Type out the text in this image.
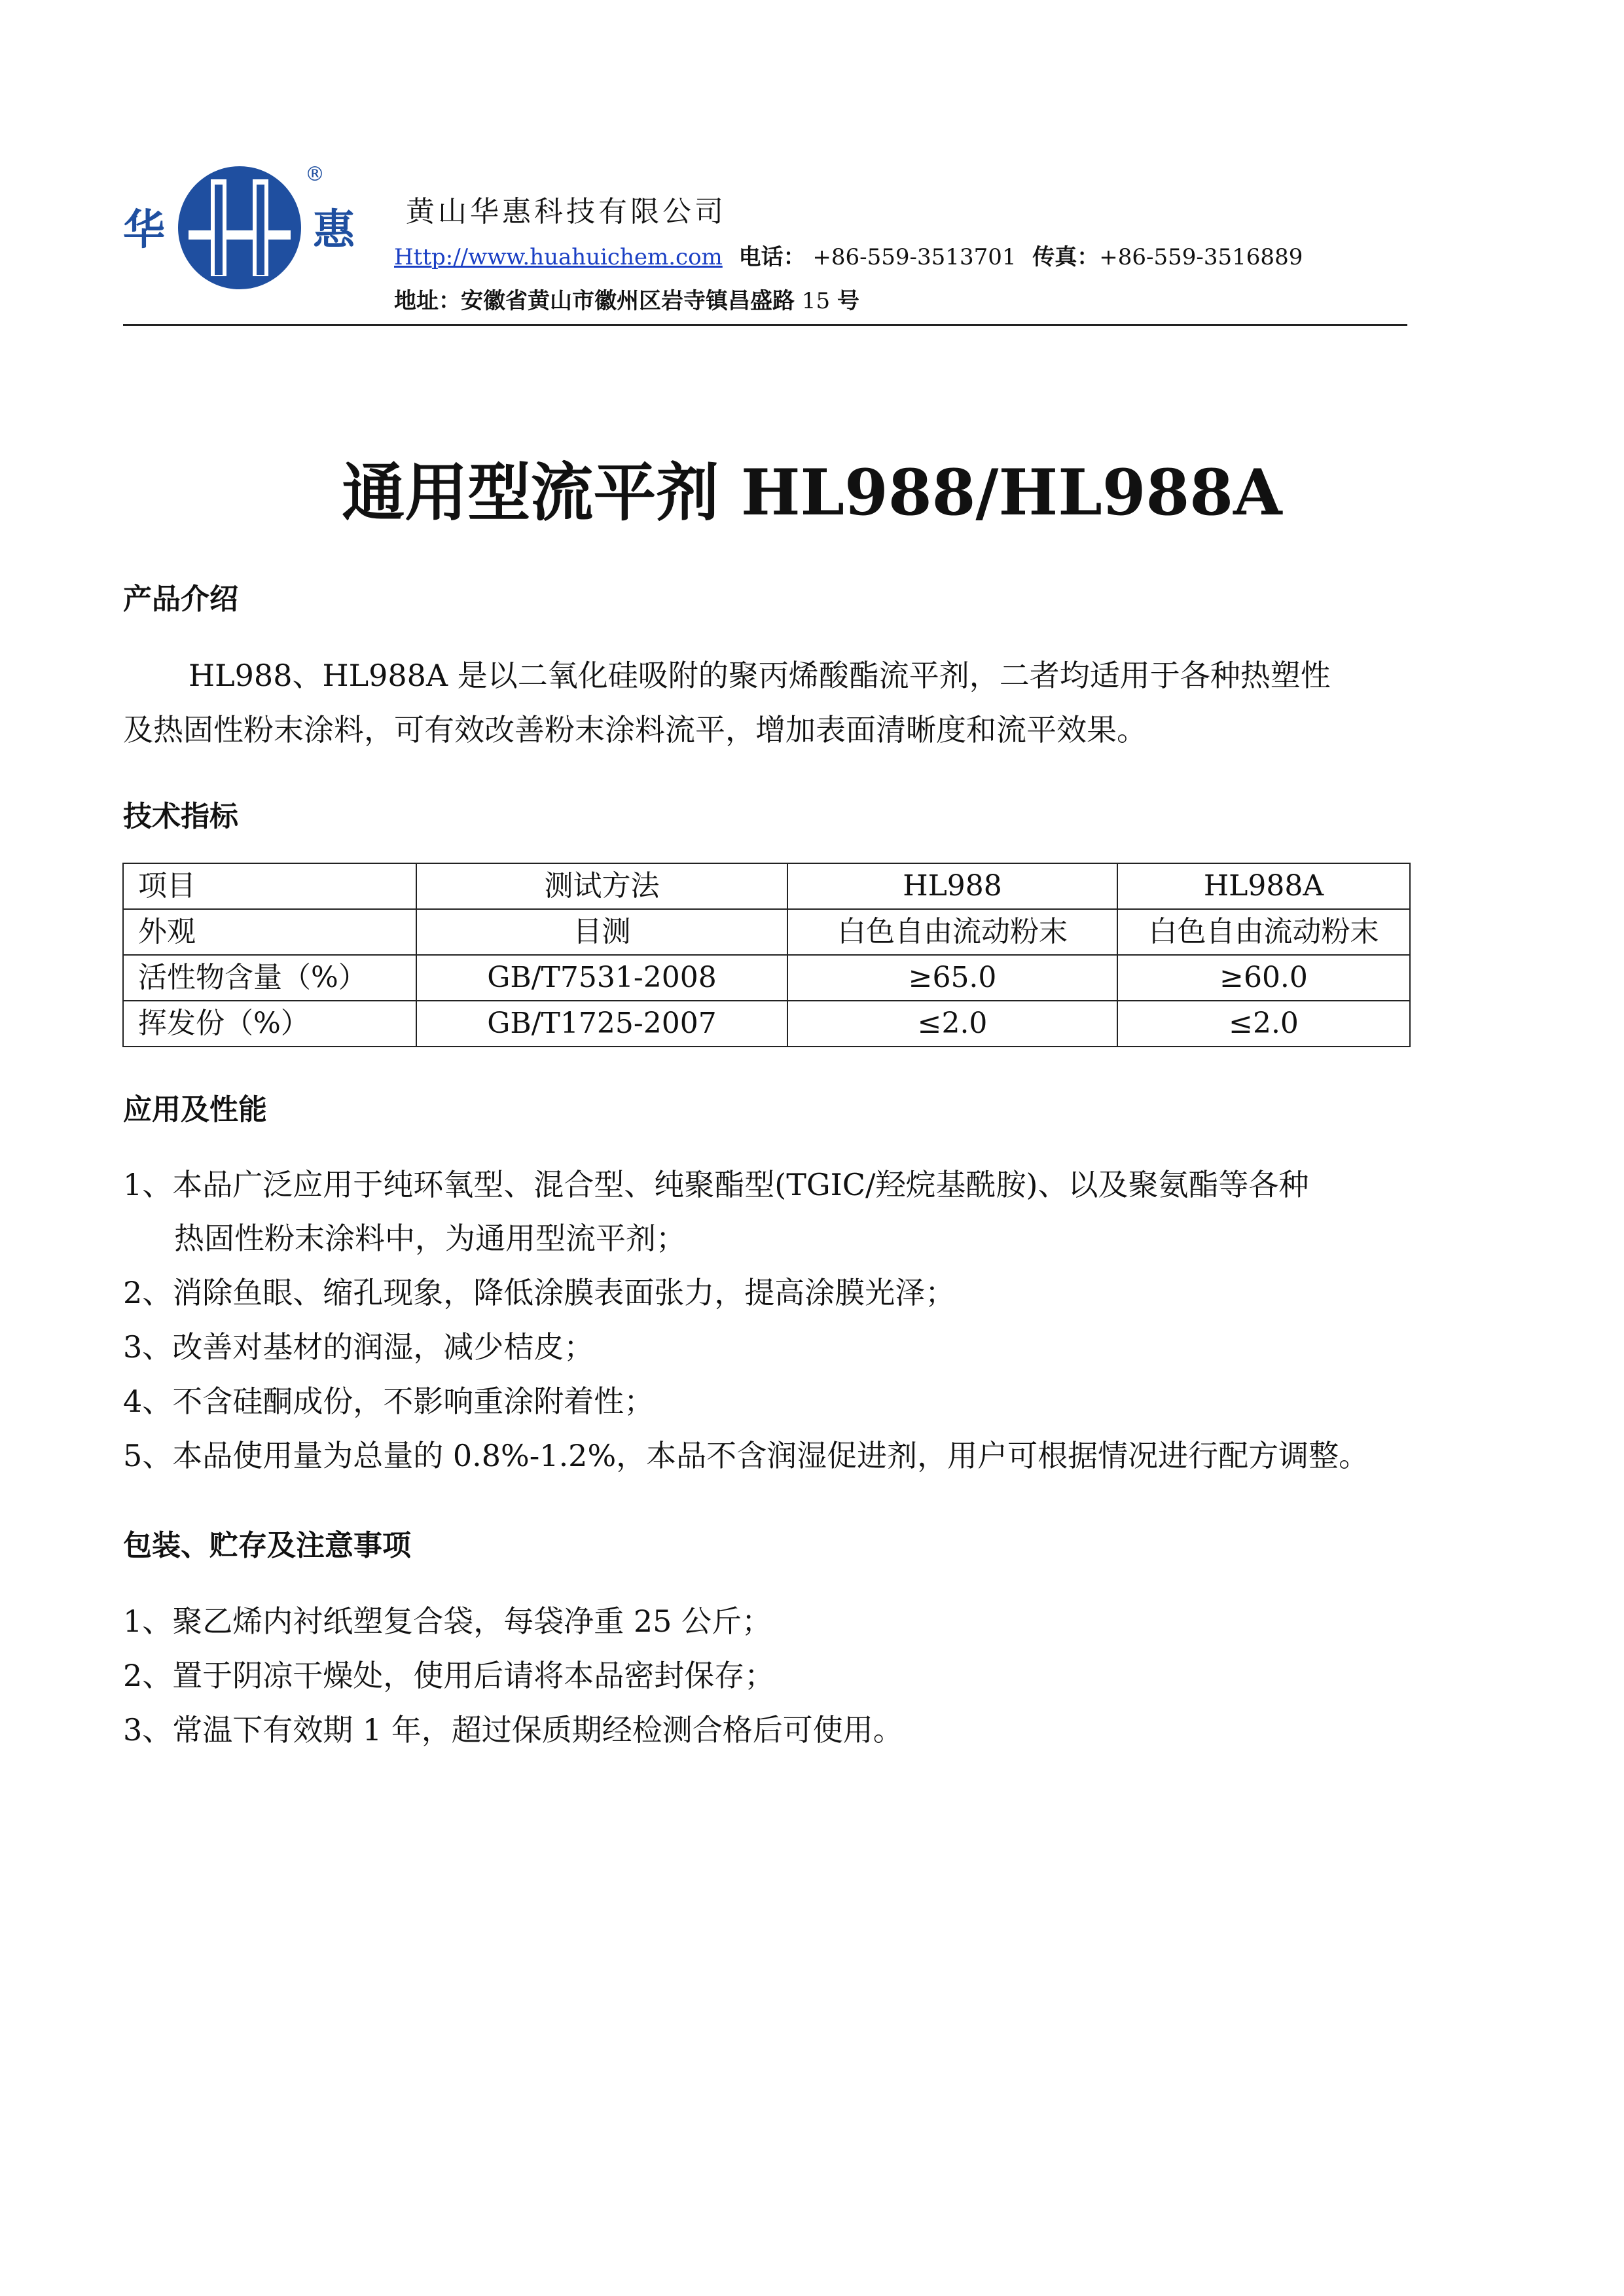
华	惠
®
黄山华惠科技有限公司
Http://www.huahuichem.com 电话： +86-559-3513701 传真：+86-559-3516889
地址：安徽省黄山市徽州区岩寺镇昌盛路 15 号
通用型流平剂 HL988/HL988A
产品介绍
HL988、HL988A 是以二氧化硅吸附的聚丙烯酸酯流平剂，二者均适用于各种热塑性
及热固性粉末涂料，可有效改善粉末涂料流平，增加表面清晰度和流平效果。
技术指标
项目	测试方法	HL988	HL988A
外观	目测	白色自由流动粉末	白色自由流动粉末
活性物含量（%）	GB/T7531-2008	≥65.0	≥60.0
挥发份（%）	GB/T1725-2007	≤2.0	≤2.0
应用及性能
1、本品广泛应用于纯环氧型、混合型、纯聚酯型(TGIC/羟烷基酰胺)、以及聚氨酯等各种
热固性粉末涂料中，为通用型流平剂；
2、消除鱼眼、缩孔现象，降低涂膜表面张力，提高涂膜光泽；
3、改善对基材的润湿，减少桔皮；
4、不含硅酮成份，不影响重涂附着性；
5、本品使用量为总量的 0.8%-1.2%，本品不含润湿促进剂，用户可根据情况进行配方调整。
包装、贮存及注意事项
1、聚乙烯内衬纸塑复合袋，每袋净重 25 公斤；
2、置于阴凉干燥处，使用后请将本品密封保存；
3、常温下有效期 1 年，超过保质期经检测合格后可使用。
